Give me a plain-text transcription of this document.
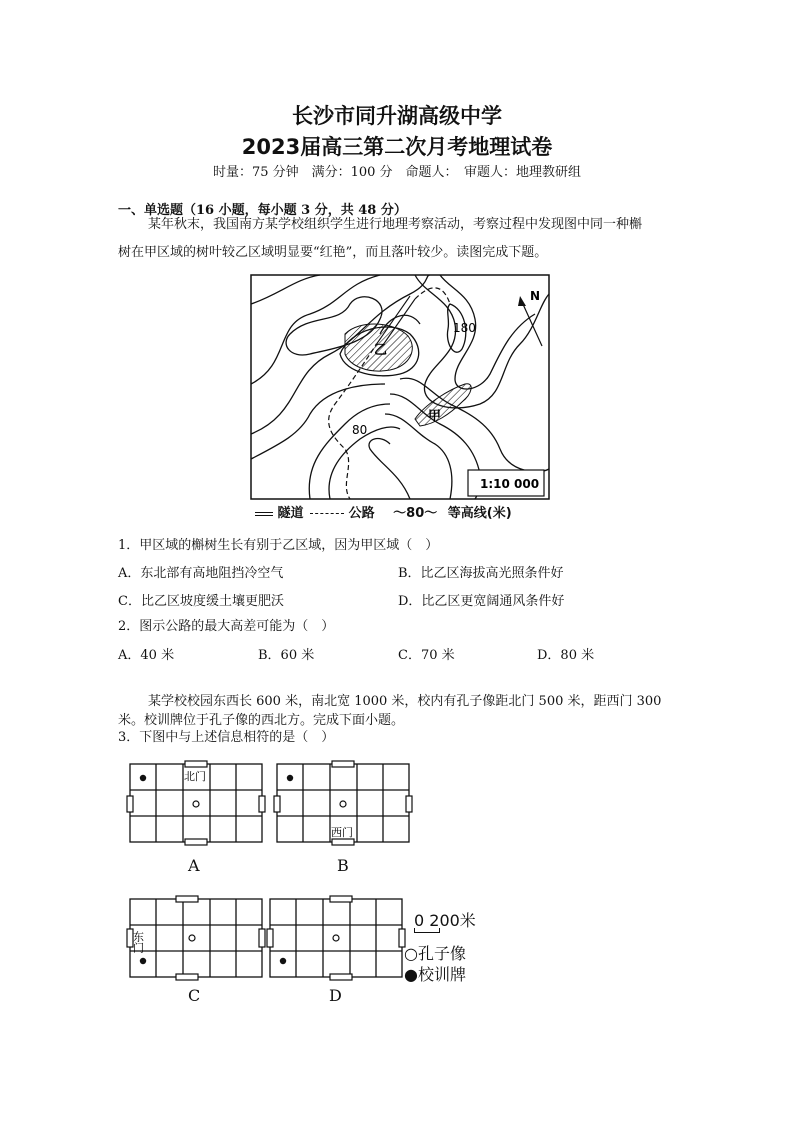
长沙市同升湖高级中学
2023届高三第二次月考地理试卷
时量：75 分钟　满分：100 分　命题人：　审题人：地理教研组
一、单选题（16 小题，每小题 3 分，共 48 分）
某年秋末，我国南方某学校组织学生进行地理考察活动，考察过程中发现图中同一种槲
树在甲区域的树叶较乙区域明显要“红艳”，而且落叶较少。读图完成下题。
N
180
80
乙
甲
1:10 000
隧道	公路 ～80～ 等高线(米)
1．甲区域的槲树生长有别于乙区域，因为甲区域（　）
A．东北部有高地阻挡冷空气	B．比乙区海拔高光照条件好
C．比乙区坡度缓土壤更肥沃	D．比乙区更宽阔通风条件好
2．图示公路的最大高差可能为（　）
A．40 米	B．60 米	C．70 米	D．80 米
某学校校园东西长 600 米，南北宽 1000 米，校内有孔子像距北门 500 米，距西门 300
米。校训牌位于孔子像的西北方。完成下面小题。
3．下图中与上述信息相符的是（　）
北门
A
西门
B
东门
C	D
0 200米
○孔子像
●校训牌
